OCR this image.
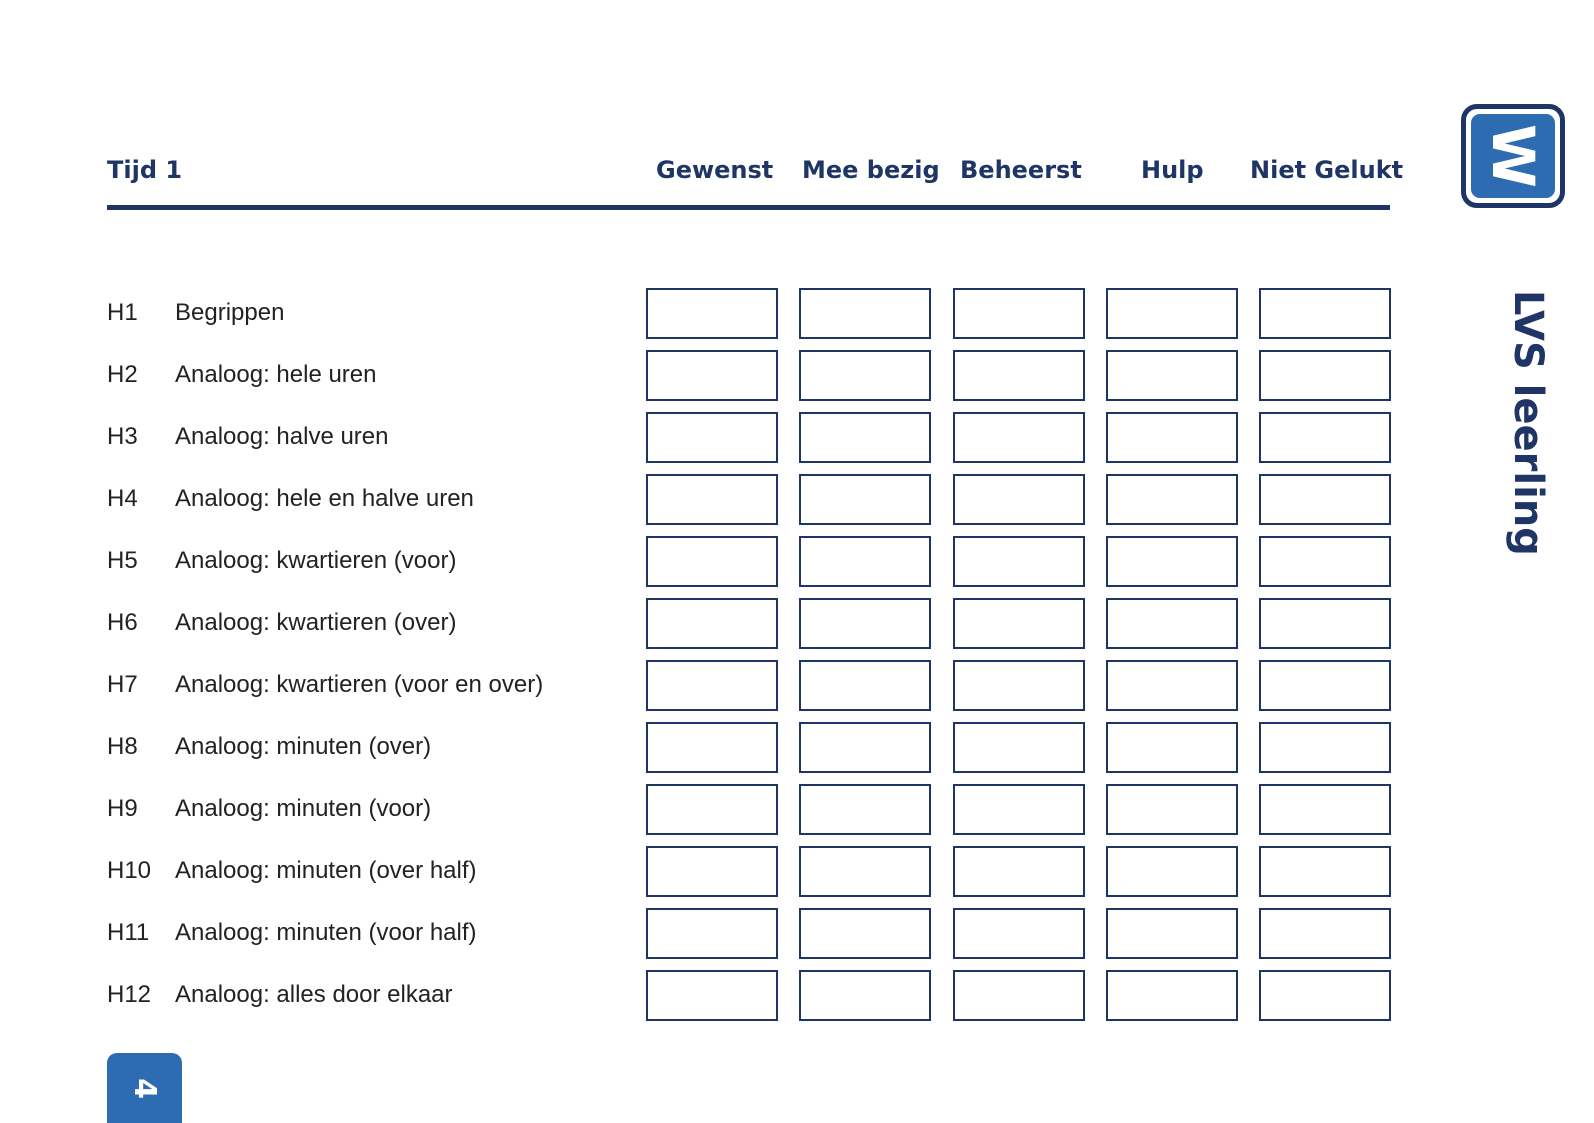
Tijd 1	Gewenst Mee bezig Beheerst Hulp Niet Gelukt W
LVS leerling
H1 Begrippen
H2 Analoog: hele uren
H3 Analoog: halve uren
H4 Analoog: hele en halve uren
H5 Analoog: kwartieren (voor)
H6 Analoog: kwartieren (over)
H7 Analoog: kwartieren (voor en over)
H8 Analoog: minuten (over)
H9 Analoog: minuten (voor)
H10 Analoog: minuten (over half)
H11 Analoog: minuten (voor half)
H12 Analoog: alles door elkaar
4
